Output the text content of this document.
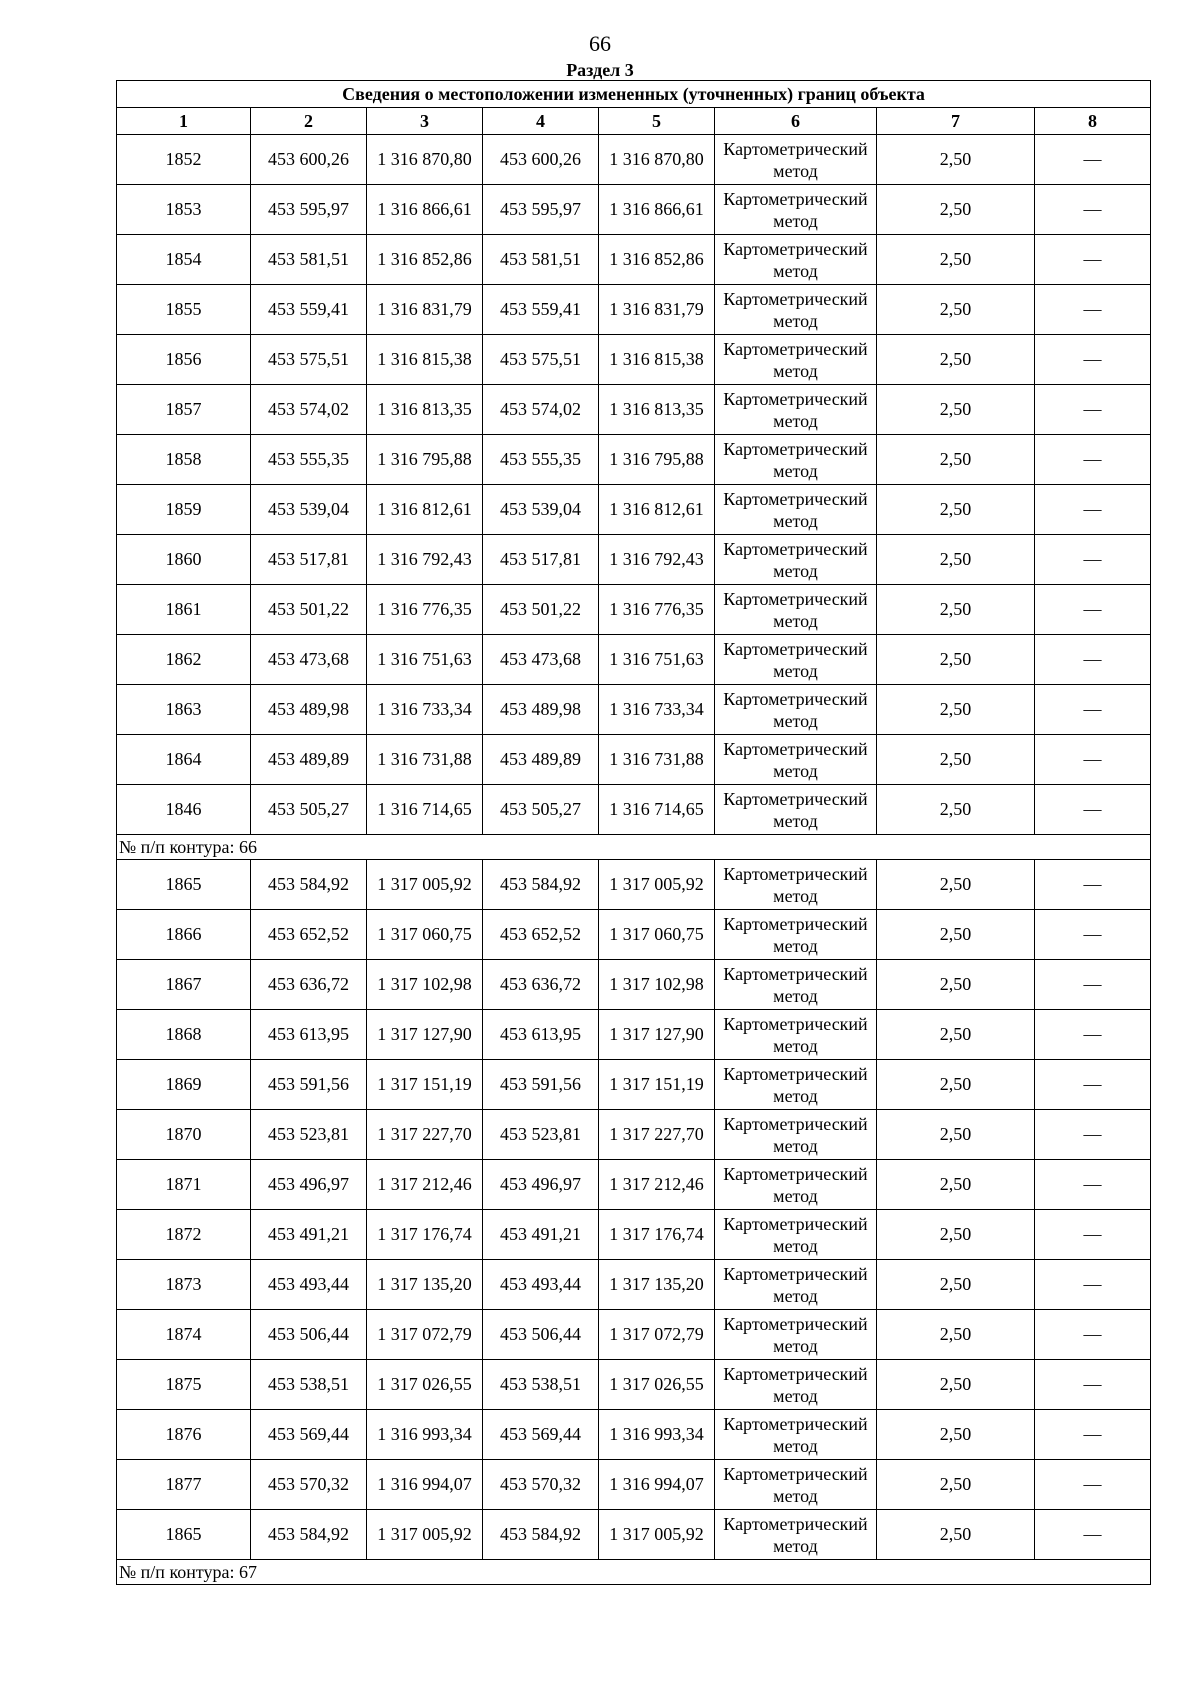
66
Раздел 3
Сведения о местоположении измененных (уточненных) границ объекта							
1	2	3	4	5	6	7	8
1852	453 600,26	1 316 870,80	453 600,26	1 316 870,80	Картометрический метод	2,50	—
1853	453 595,97	1 316 866,61	453 595,97	1 316 866,61	Картометрический метод	2,50	—
1854	453 581,51	1 316 852,86	453 581,51	1 316 852,86	Картометрический метод	2,50	—
1855	453 559,41	1 316 831,79	453 559,41	1 316 831,79	Картометрический метод	2,50	—
1856	453 575,51	1 316 815,38	453 575,51	1 316 815,38	Картометрический метод	2,50	—
1857	453 574,02	1 316 813,35	453 574,02	1 316 813,35	Картометрический метод	2,50	—
1858	453 555,35	1 316 795,88	453 555,35	1 316 795,88	Картометрический метод	2,50	—
1859	453 539,04	1 316 812,61	453 539,04	1 316 812,61	Картометрический метод	2,50	—
1860	453 517,81	1 316 792,43	453 517,81	1 316 792,43	Картометрический метод	2,50	—
1861	453 501,22	1 316 776,35	453 501,22	1 316 776,35	Картометрический метод	2,50	—
1862	453 473,68	1 316 751,63	453 473,68	1 316 751,63	Картометрический метод	2,50	—
1863	453 489,98	1 316 733,34	453 489,98	1 316 733,34	Картометрический метод	2,50	—
1864	453 489,89	1 316 731,88	453 489,89	1 316 731,88	Картометрический метод	2,50	—
1846	453 505,27	1 316 714,65	453 505,27	1 316 714,65	Картометрический метод	2,50	—
№ п/п контура: 66							
1865	453 584,92	1 317 005,92	453 584,92	1 317 005,92	Картометрический метод	2,50	—
1866	453 652,52	1 317 060,75	453 652,52	1 317 060,75	Картометрический метод	2,50	—
1867	453 636,72	1 317 102,98	453 636,72	1 317 102,98	Картометрический метод	2,50	—
1868	453 613,95	1 317 127,90	453 613,95	1 317 127,90	Картометрический метод	2,50	—
1869	453 591,56	1 317 151,19	453 591,56	1 317 151,19	Картометрический метод	2,50	—
1870	453 523,81	1 317 227,70	453 523,81	1 317 227,70	Картометрический метод	2,50	—
1871	453 496,97	1 317 212,46	453 496,97	1 317 212,46	Картометрический метод	2,50	—
1872	453 491,21	1 317 176,74	453 491,21	1 317 176,74	Картометрический метод	2,50	—
1873	453 493,44	1 317 135,20	453 493,44	1 317 135,20	Картометрический метод	2,50	—
1874	453 506,44	1 317 072,79	453 506,44	1 317 072,79	Картометрический метод	2,50	—
1875	453 538,51	1 317 026,55	453 538,51	1 317 026,55	Картометрический метод	2,50	—
1876	453 569,44	1 316 993,34	453 569,44	1 316 993,34	Картометрический метод	2,50	—
1877	453 570,32	1 316 994,07	453 570,32	1 316 994,07	Картометрический метод	2,50	—
1865	453 584,92	1 317 005,92	453 584,92	1 317 005,92	Картометрический метод	2,50	—
№ п/п контура: 67							
